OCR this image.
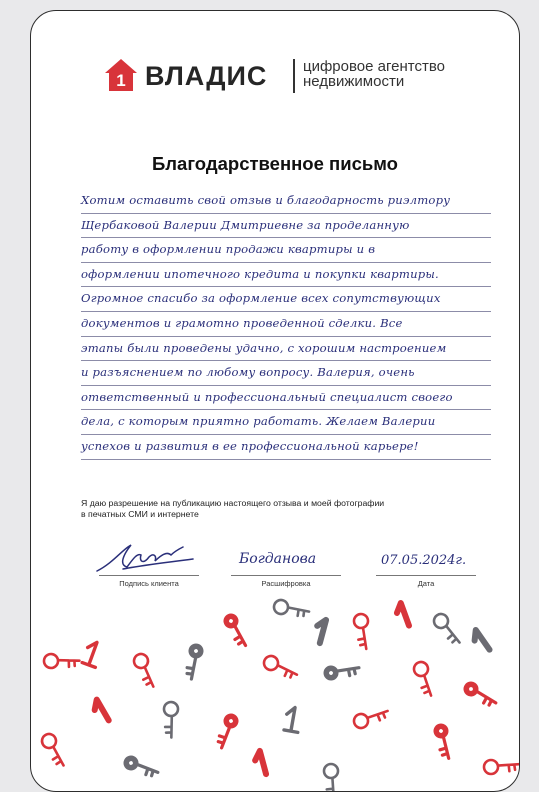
1 ВЛАДИС цифровое агентство
недвижимости
Благодарственное письмо
Хотим оставить свой отзыв и благодарность риэлтору
Щербаковой Валерии Дмитриевне за проделанную
работу в оформлении продажи квартиры и в
оформлении ипотечного кредита и покупки квартиры.
Огромное спасибо за оформление всех сопутствующих
документов и грамотно проведенной сделки. Все
этапы были проведены удачно, с хорошим настроением
и разъяснением по любому вопросу. Валерия, очень
ответственный и профессиональный специалист своего
дела, с которым приятно работать. Желаем Валерии
успехов и развития в ее профессиональной карьере!
Я даю разрешение на публикацию настоящего отзыва и моей фотографии
в печатных СМИ и интернете
Подпись клиента
Богданова
Расшифровка
07.05.2024г.
Дата
